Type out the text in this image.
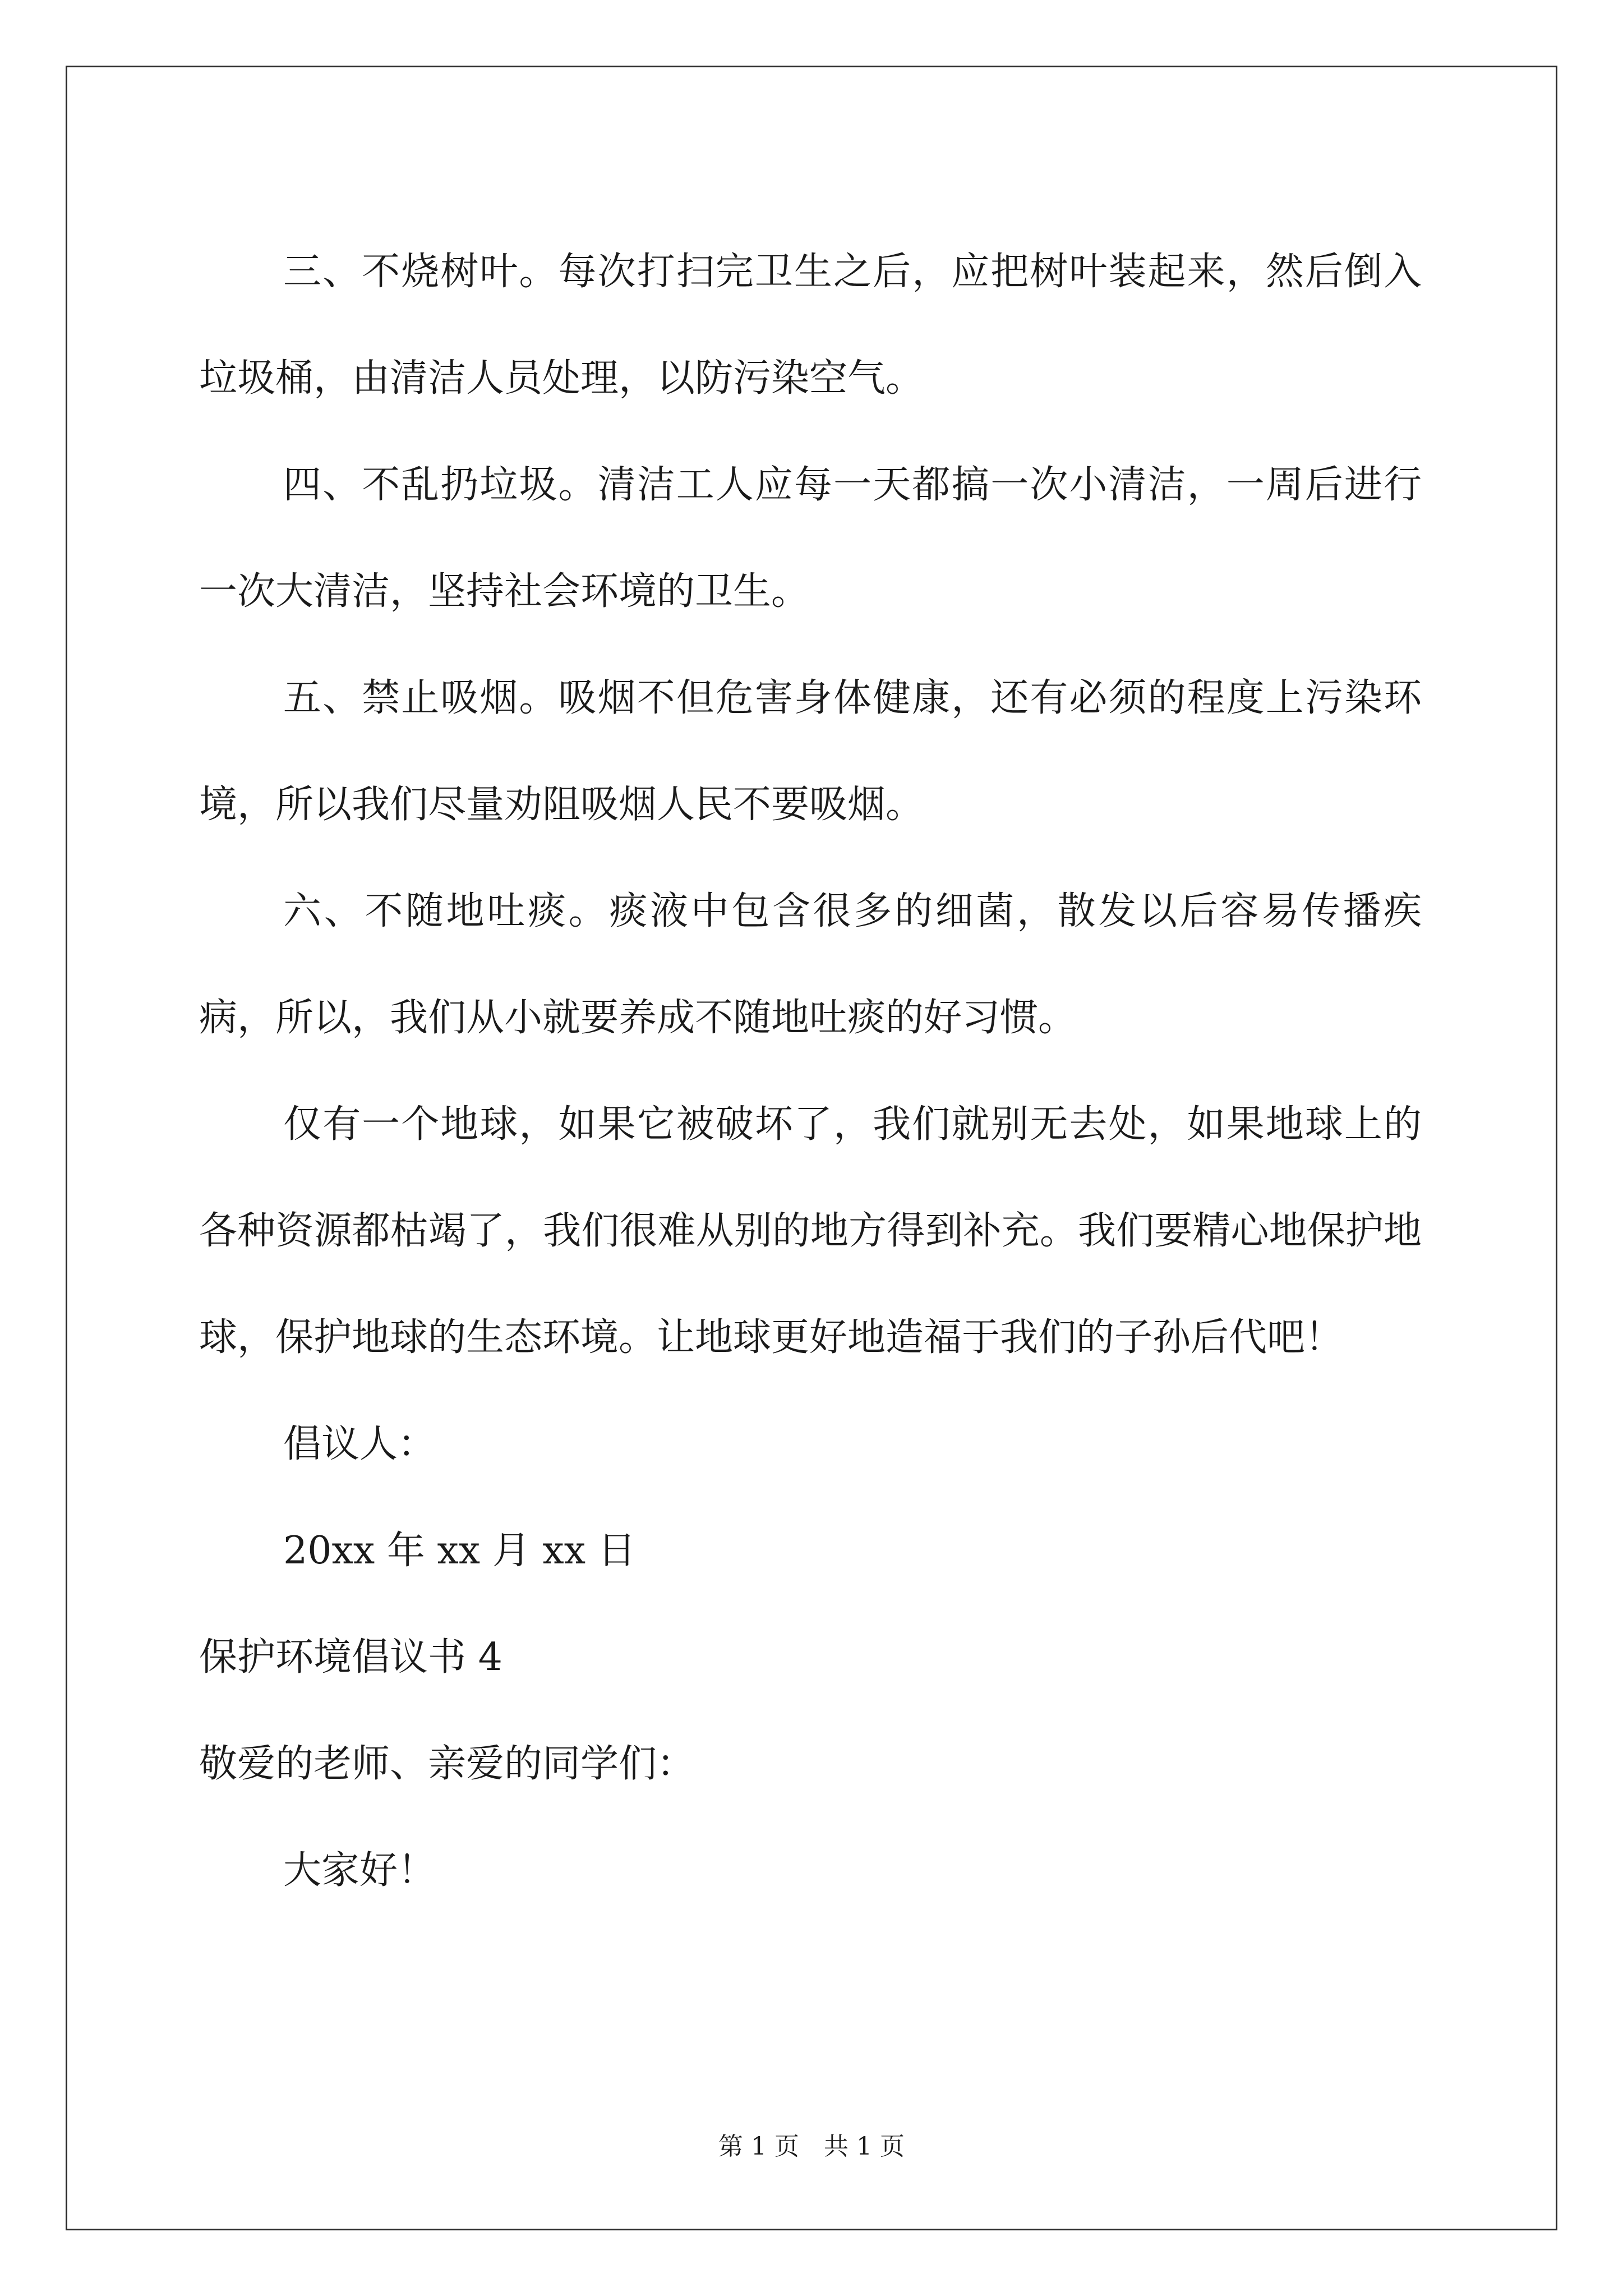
三、不烧树叶。每次打扫完卫生之后，应把树叶装起来，然后倒入垃圾桶，由清洁人员处理，以防污染空气。

四、不乱扔垃圾。清洁工人应每一天都搞一次小清洁，一周后进行一次大清洁，坚持社会环境的卫生。

五、禁止吸烟。吸烟不但危害身体健康，还有必须的程度上污染环境，所以我们尽量劝阻吸烟人民不要吸烟。

六、不随地吐痰。痰液中包含很多的细菌，散发以后容易传播疾病，所以，我们从小就要养成不随地吐痰的好习惯。

仅有一个地球，如果它被破坏了，我们就别无去处，如果地球上的各种资源都枯竭了，我们很难从别的地方得到补充。我们要精心地保护地球，保护地球的生态环境。让地球更好地造福于我们的子孙后代吧！

倡议人：

20xx 年 xx 月 xx 日

保护环境倡议书 4

敬爱的老师、亲爱的同学们：

大家好！

第 1 页　共 1 页
